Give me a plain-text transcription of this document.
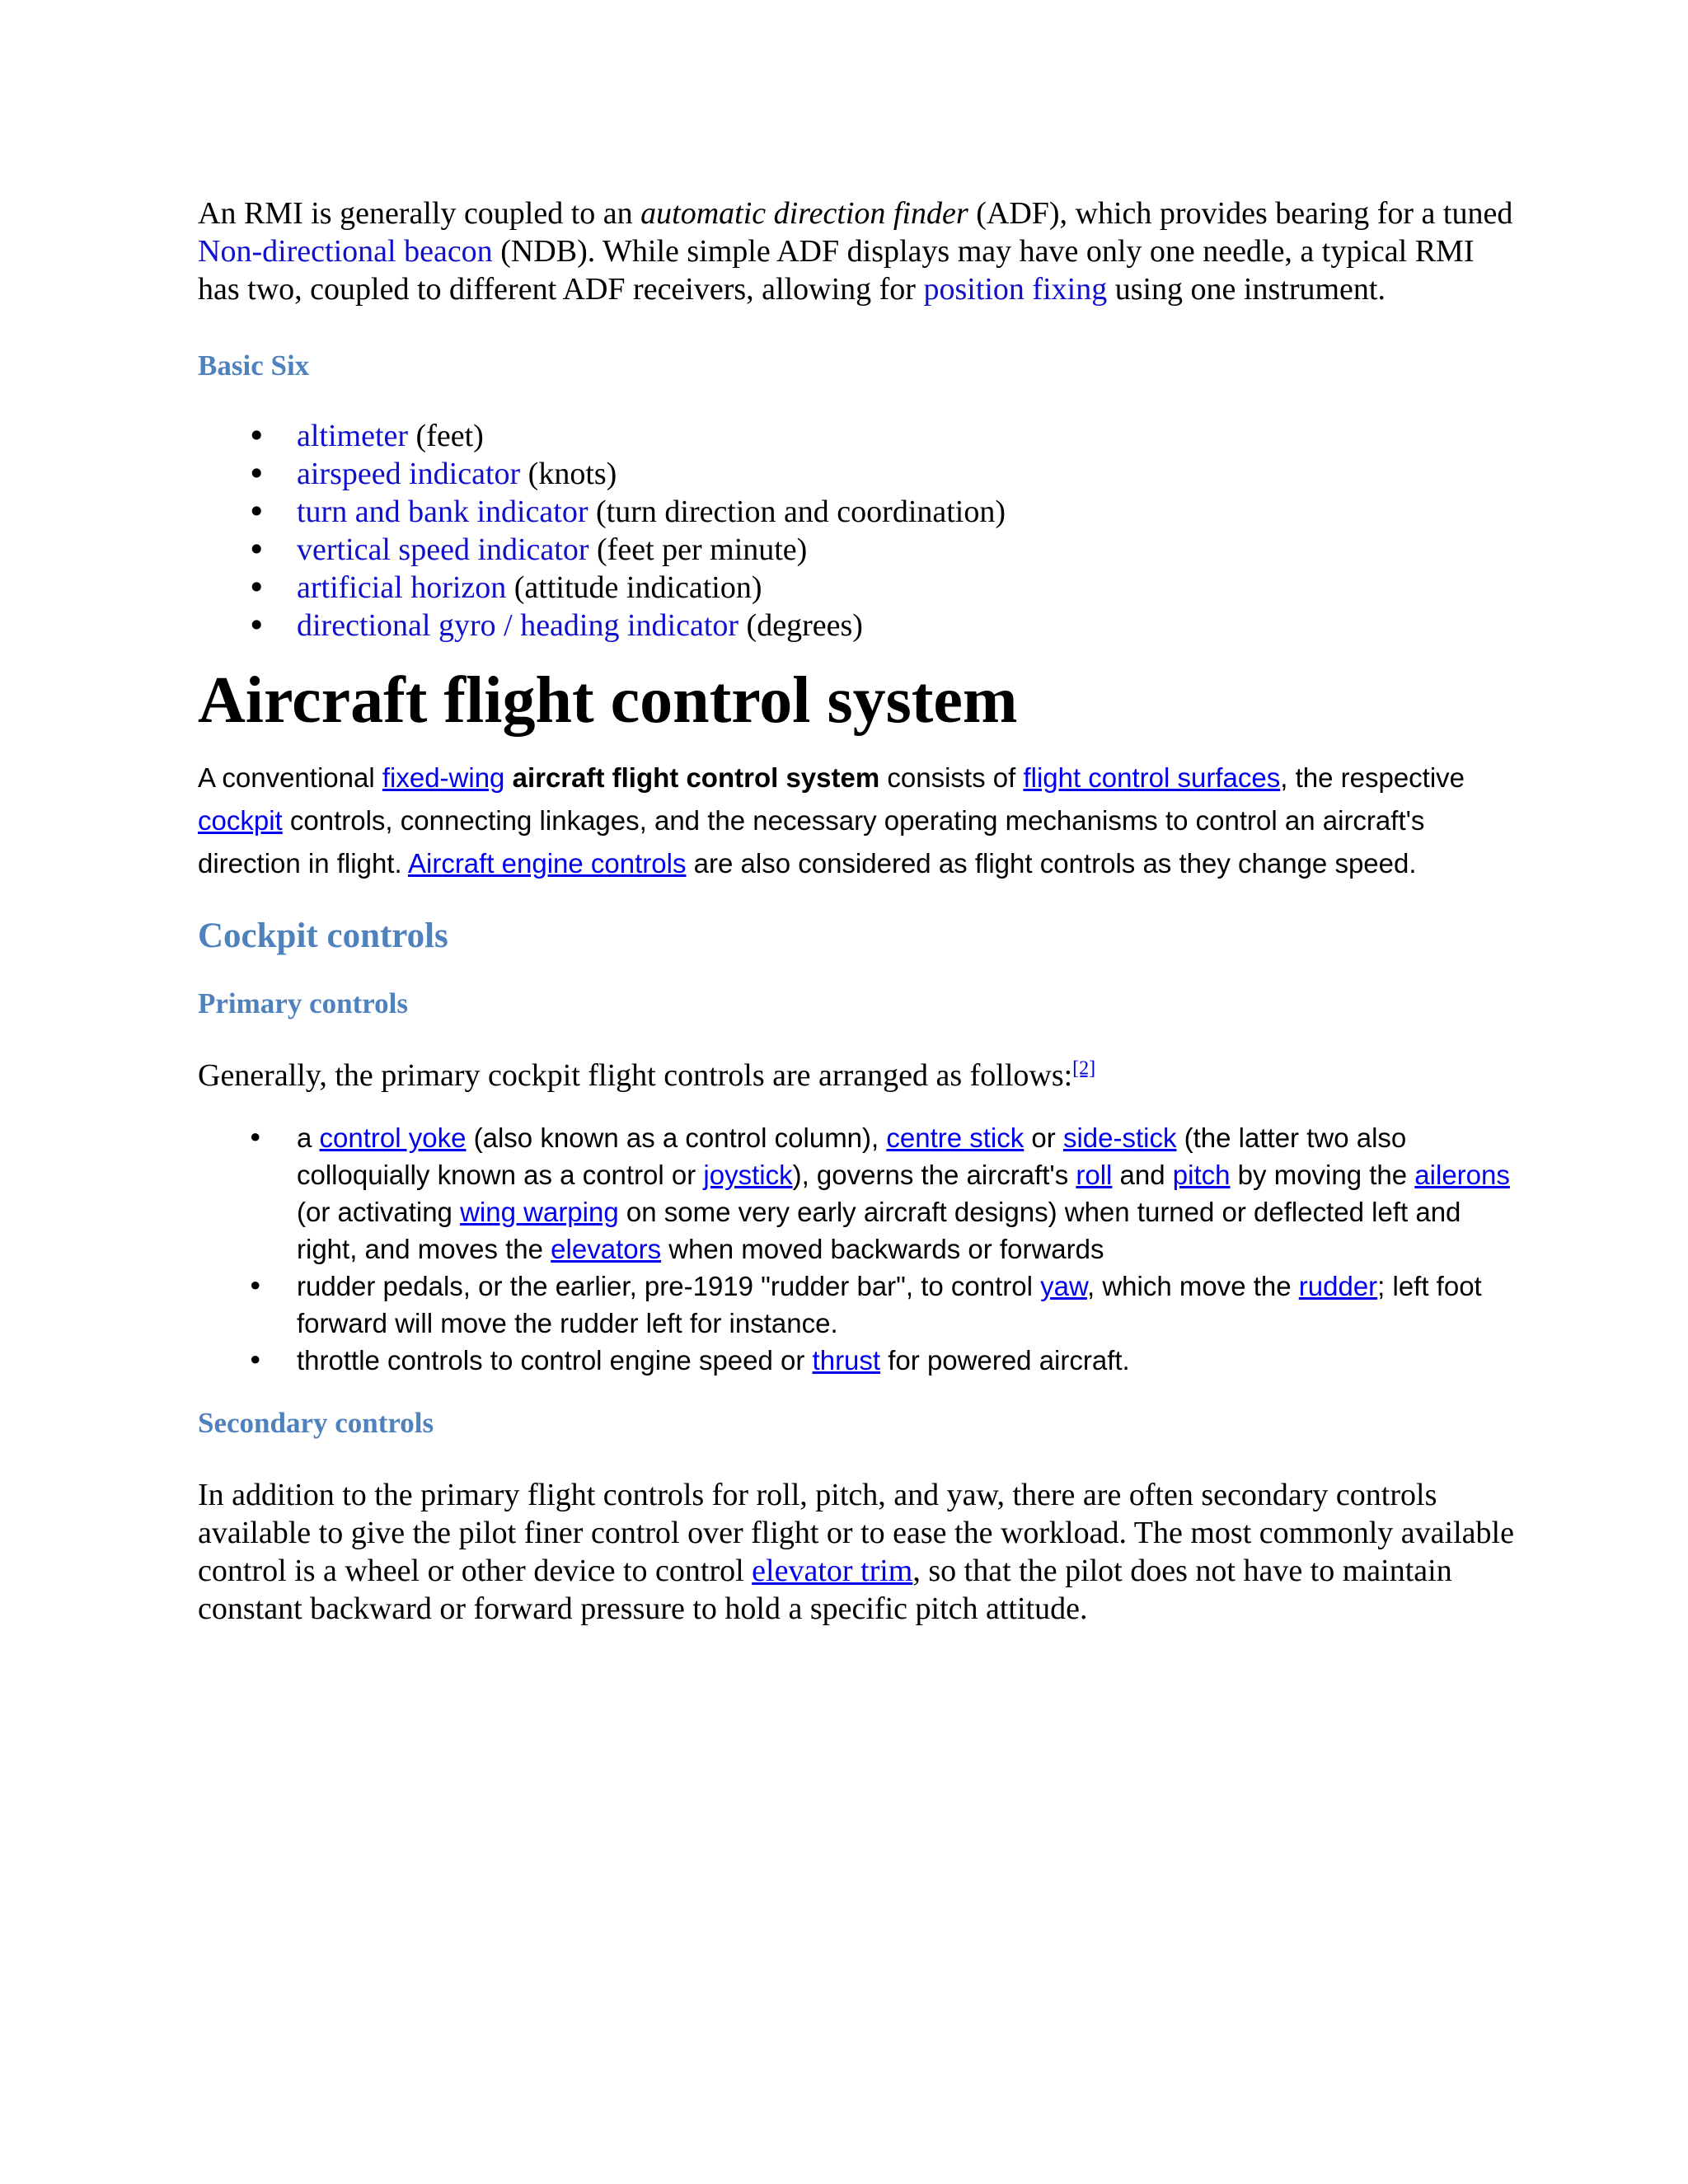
An RMI is generally coupled to an automatic direction finder (ADF), which provides bearing for a tuned Non-directional beacon (NDB). While simple ADF displays may have only one needle, a typical RMI has two, coupled to different ADF receivers, allowing for position fixing using one instrument.

Basic Six
• altimeter (feet)
• airspeed indicator (knots)
• turn and bank indicator (turn direction and coordination)
• vertical speed indicator (feet per minute)
• artificial horizon (attitude indication)
• directional gyro / heading indicator (degrees)
Aircraft flight control system

A conventional fixed-wing aircraft flight control system consists of flight control surfaces, the respective cockpit controls, connecting linkages, and the necessary operating mechanisms to control an aircraft's direction in flight. Aircraft engine controls are also considered as flight controls as they change speed.

Cockpit controls
Primary controls

Generally, the primary cockpit flight controls are arranged as follows:[2]

• a control yoke (also known as a control column), centre stick or side-stick (the latter two also colloquially known as a control or joystick), governs the aircraft's roll and pitch by moving the ailerons (or activating wing warping on some very early aircraft designs) when turned or deflected left and right, and moves the elevators when moved backwards or forwards
• rudder pedals, or the earlier, pre-1919 "rudder bar", to control yaw, which move the rudder; left foot forward will move the rudder left for instance.
• throttle controls to control engine speed or thrust for powered aircraft.
Secondary controls

In addition to the primary flight controls for roll, pitch, and yaw, there are often secondary controls available to give the pilot finer control over flight or to ease the workload. The most commonly available control is a wheel or other device to control elevator trim, so that the pilot does not have to maintain constant backward or forward pressure to hold a specific pitch attitude.
